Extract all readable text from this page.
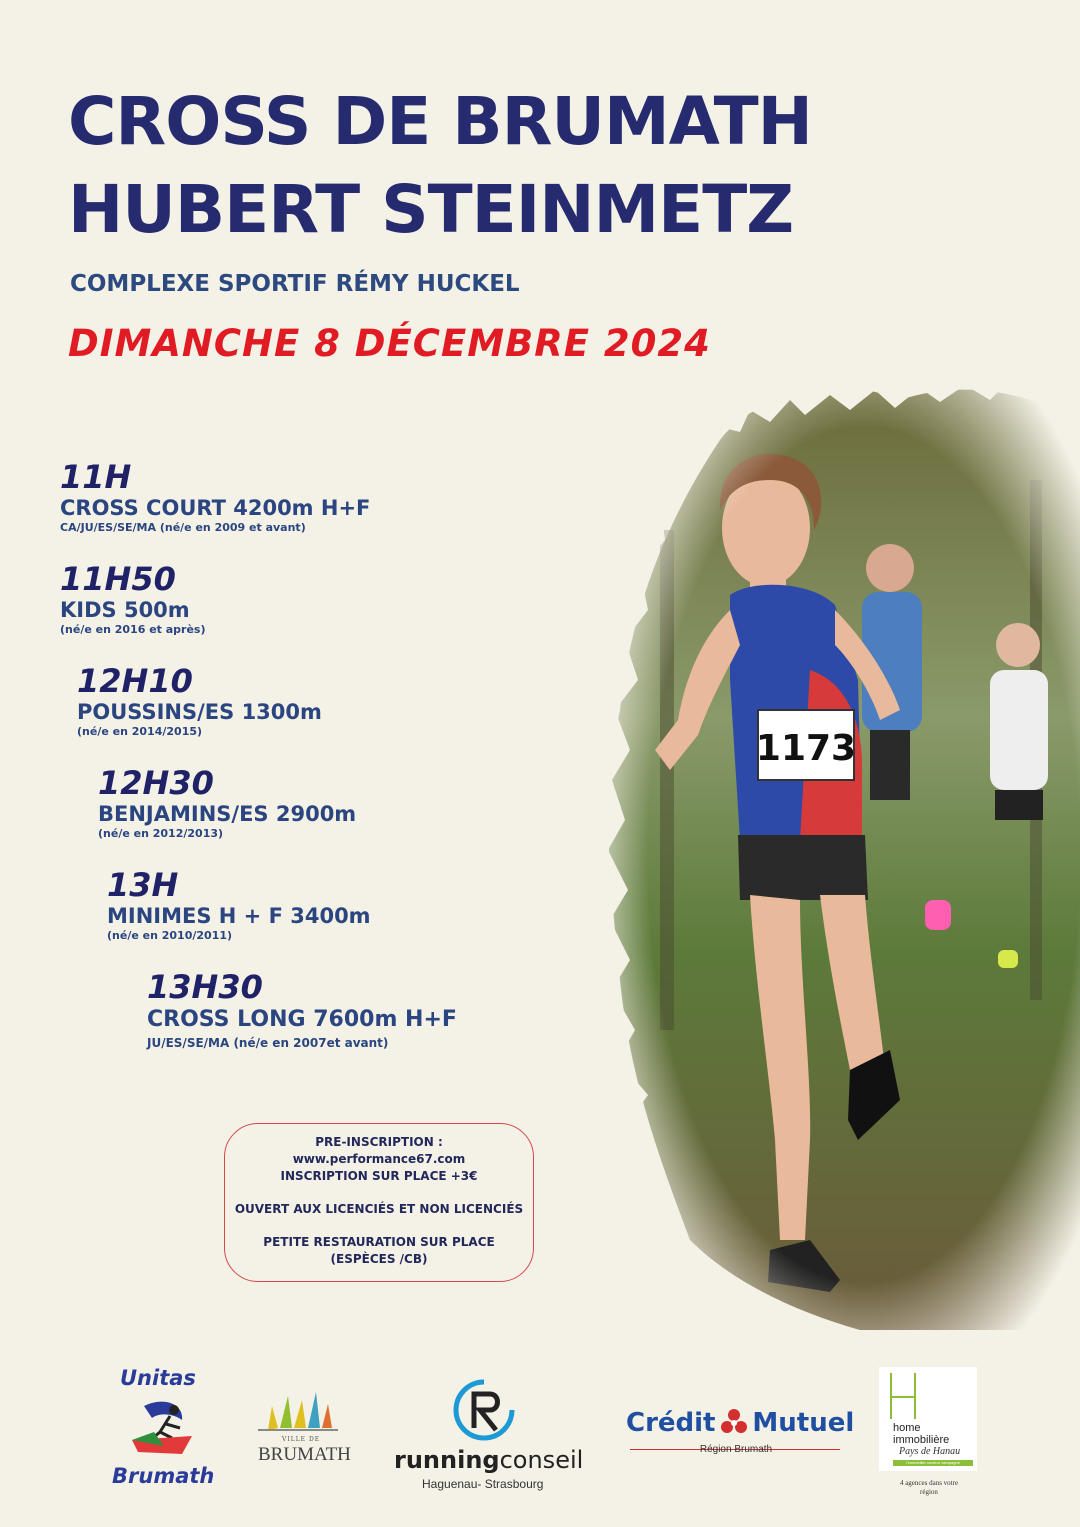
CROSS DE BRUMATH
HUBERT STEINMETZ
COMPLEXE SPORTIF RÉMY HUCKEL
DIMANCHE 8 DÉCEMBRE 2024
11H
CROSS COURT 4200m H+F
CA/JU/ES/SE/MA (né/e en 2009 et avant)
11H50
KIDS 500m
(né/e en 2016 et après)
12H10
POUSSINS/ES 1300m
(né/e en 2014/2015)
12H30
BENJAMINS/ES 2900m
(né/e en 2012/2013)
13H
MINIMES H + F 3400m
(né/e en 2010/2011)
13H30
CROSS LONG 7600m H+F
JU/ES/SE/MA (né/e en 2007et avant)
PRE-INSCRIPTION :
www.performance67.com
INSCRIPTION SUR PLACE +3€
OUVERT AUX LICENCIÉS ET NON LICENCIÉS
PETITE RESTAURATION SUR PLACE
(ESPÈCES /CB)
Unitas
Brumath
VILLE DE
BRUMATH runningconseil
Haguenau- Strasbourg
Crédit Mutuel
Région Brumath
home
immobilière
Pays de Hanau
l'immobilier couleur campagne
4 agences dans votre
région
